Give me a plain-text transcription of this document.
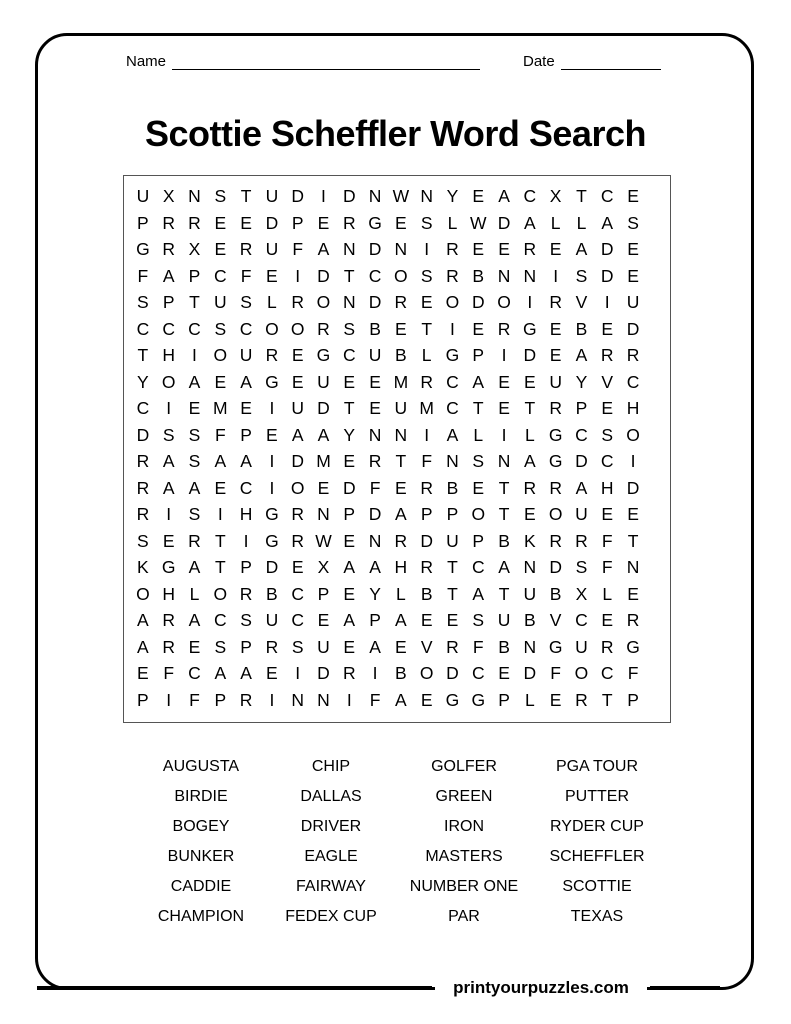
Name	Date
Scottie Scheffler Word Search
U X N S T U D I D N W N Y E A C X T C E
P R R E E D P E R G E S L W D A L L A S
G R X E R U F A N D N I R E E R E A D E
F A P C F E	I D T C O S R B N N I	S D E
S P T U S L R O N D R E O D O I R V	I U
C C C S C O O R S B E T	I	E R G E B E D
T H I O U R E G C U B L G P	I D E A R R
Y O A E A G E U E E M R C A E E U Y V C
C I	E M E	I U D T E U M C T E T R P E H
D S S F P E A A Y N N I	A L	I	L G C S O
R A S A A	I D M E R T F N S N A G D C I
R A A E C I O E D F E R B E T R R A H D
R I	S	I H G R N P D A P P O T E O U E E
S E R T	I G R W E N R D U P B K R R F T
K G A T P D E X A A H R T C A N D S F N
O H L O R B C P E Y L B T A T U B X L E
A R A C S U C E A P A E E S U B V C E R
A R E S P R S U E A E V R F B N G U R G
E F C A A E	I D R I	B O D C E D F O C F
P	I	F P R I N N I	F A E G G P L E R T P
AUGUSTA
BIRDIE
BOGEY
BUNKER
CADDIE
CHAMPION
CHIP
DALLAS
DRIVER
EAGLE
FAIRWAY
FEDEX CUP
GOLFER
GREEN
IRON
MASTERS
NUMBER ONE
PAR
PGA TOUR
PUTTER
RYDER CUP
SCHEFFLER
SCOTTIE
TEXAS
printyourpuzzles.com
